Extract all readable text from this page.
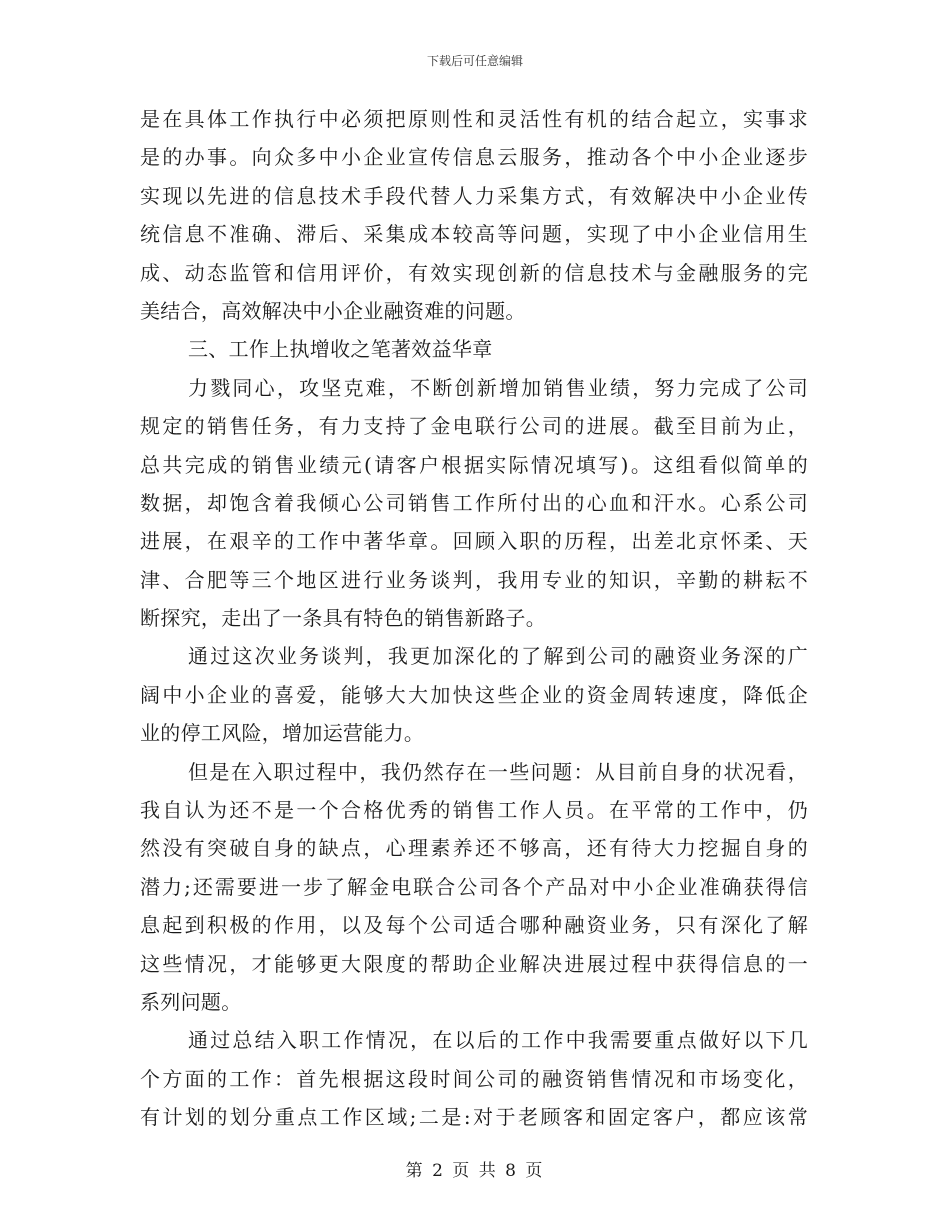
下载后可任意编辑
是在具体工作执行中必须把原则性和灵活性有机的结合起立，实事求
是的办事。向众多中小企业宣传信息云服务，推动各个中小企业逐步
实现以先进的信息技术手段代替人力采集方式，有效解决中小企业传
统信息不准确、滞后、采集成本较高等问题，实现了中小企业信用生
成、动态监管和信用评价，有效实现创新的信息技术与金融服务的完
美结合，高效解决中小企业融资难的问题。
三、工作上执增收之笔著效益华章
力戮同心，攻坚克难，不断创新增加销售业绩，努力完成了公司
规定的销售任务，有力支持了金电联行公司的进展。截至目前为止，
总共完成的销售业绩元(请客户根据实际情况填写)。这组看似简单的
数据，却饱含着我倾心公司销售工作所付出的心血和汗水。心系公司
进展，在艰辛的工作中著华章。回顾入职的历程，出差北京怀柔、天
津、合肥等三个地区进行业务谈判，我用专业的知识，辛勤的耕耘不
断探究，走出了一条具有特色的销售新路子。
通过这次业务谈判，我更加深化的了解到公司的融资业务深的广
阔中小企业的喜爱，能够大大加快这些企业的资金周转速度，降低企
业的停工风险，增加运营能力。
但是在入职过程中，我仍然存在一些问题：从目前自身的状况看，
我自认为还不是一个合格优秀的销售工作人员。在平常的工作中，仍
然没有突破自身的缺点，心理素养还不够高，还有待大力挖掘自身的
潜力;还需要进一步了解金电联合公司各个产品对中小企业准确获得信
息起到积极的作用，以及每个公司适合哪种融资业务，只有深化了解
这些情况，才能够更大限度的帮助企业解决进展过程中获得信息的一
系列问题。
通过总结入职工作情况，在以后的工作中我需要重点做好以下几
个方面的工作：首先根据这段时间公司的融资销售情况和市场变化，
有计划的划分重点工作区域;二是:对于老顾客和固定客户，都应该常
第 2 页 共 8 页
